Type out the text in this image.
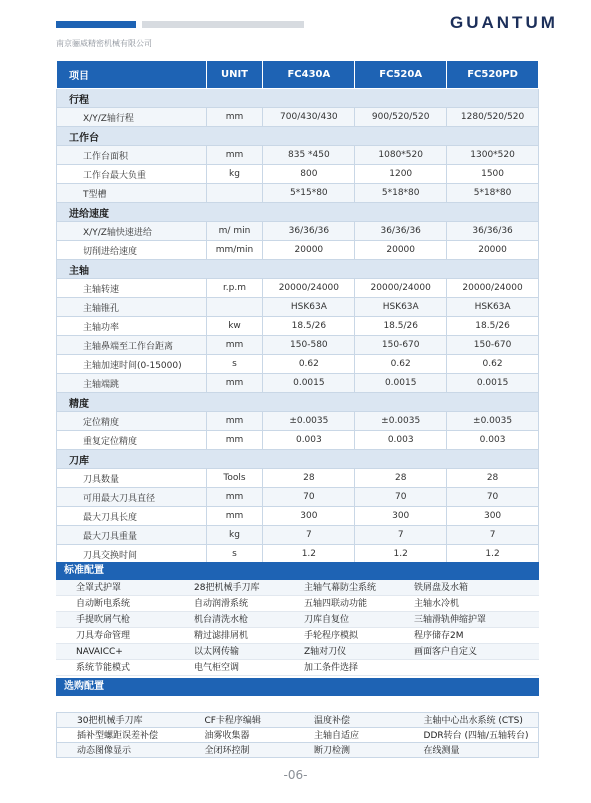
GUANTUM
南京骊威精密机械有限公司
项目	UNIT	FC430A	FC520A	FC520PD
行程				
X/Y/Z轴行程	mm	700/430/430	900/520/520	1280/520/520
工作台				
工作台面积	mm	835 *450	1080*520	1300*520
工作台最大负重	kg	800	1200	1500
T型槽		5*15*80	5*18*80	5*18*80
进给速度				
X/Y/Z轴快速进给	m/ min	36/36/36	36/36/36	36/36/36
切削进给速度	mm/min	20000	20000	20000
主轴				
主轴转速	r.p.m	20000/24000	20000/24000	20000/24000
主轴锥孔		HSK63A	HSK63A	HSK63A
主轴功率	kw	18.5/26	18.5/26	18.5/26
主轴鼻端至工作台距离	mm	150-580	150-670	150-670
主轴加速时间(0-15000)	s	0.62	0.62	0.62
主轴端跳	mm	0.0015	0.0015	0.0015
精度				
定位精度	mm	±0.0035	±0.0035	±0.0035
重复定位精度	mm	0.003	0.003	0.003
刀库				
刀具数量	Tools	28	28	28
可用最大刀具直径	mm	70	70	70
最大刀具长度	mm	300	300	300
最大刀具重量	kg	7	7	7
刀具交换时间	s	1.2	1.2	1.2
标准配置
全罩式护罩	28把机械手刀库	主轴气幕防尘系统	铁屑盘及水箱
自动断电系统	自动润滑系统	五轴四联动功能	主轴水冷机
手提吹屑气枪	机台清洗水枪	刀库自复位	三轴滑轨伸缩护罩
刀具寿命管理	精过滤排屑机	手轮程序模拟	程序储存2M
NAVAICC+	以太网传输	Z轴对刀仪	画面客户自定义
系统节能模式	电气柜空调	加工条件选择
选购配置
30把机械手刀库	CF卡程序编辑	温度补偿	主轴中心出水系统 (CTS)
插补型螺距误差补偿	油雾收集器	主轴自适应	DDR转台 (四轴/五轴转台)
动态图像显示	全闭环控制	断刀检测	在线测量
-06-
